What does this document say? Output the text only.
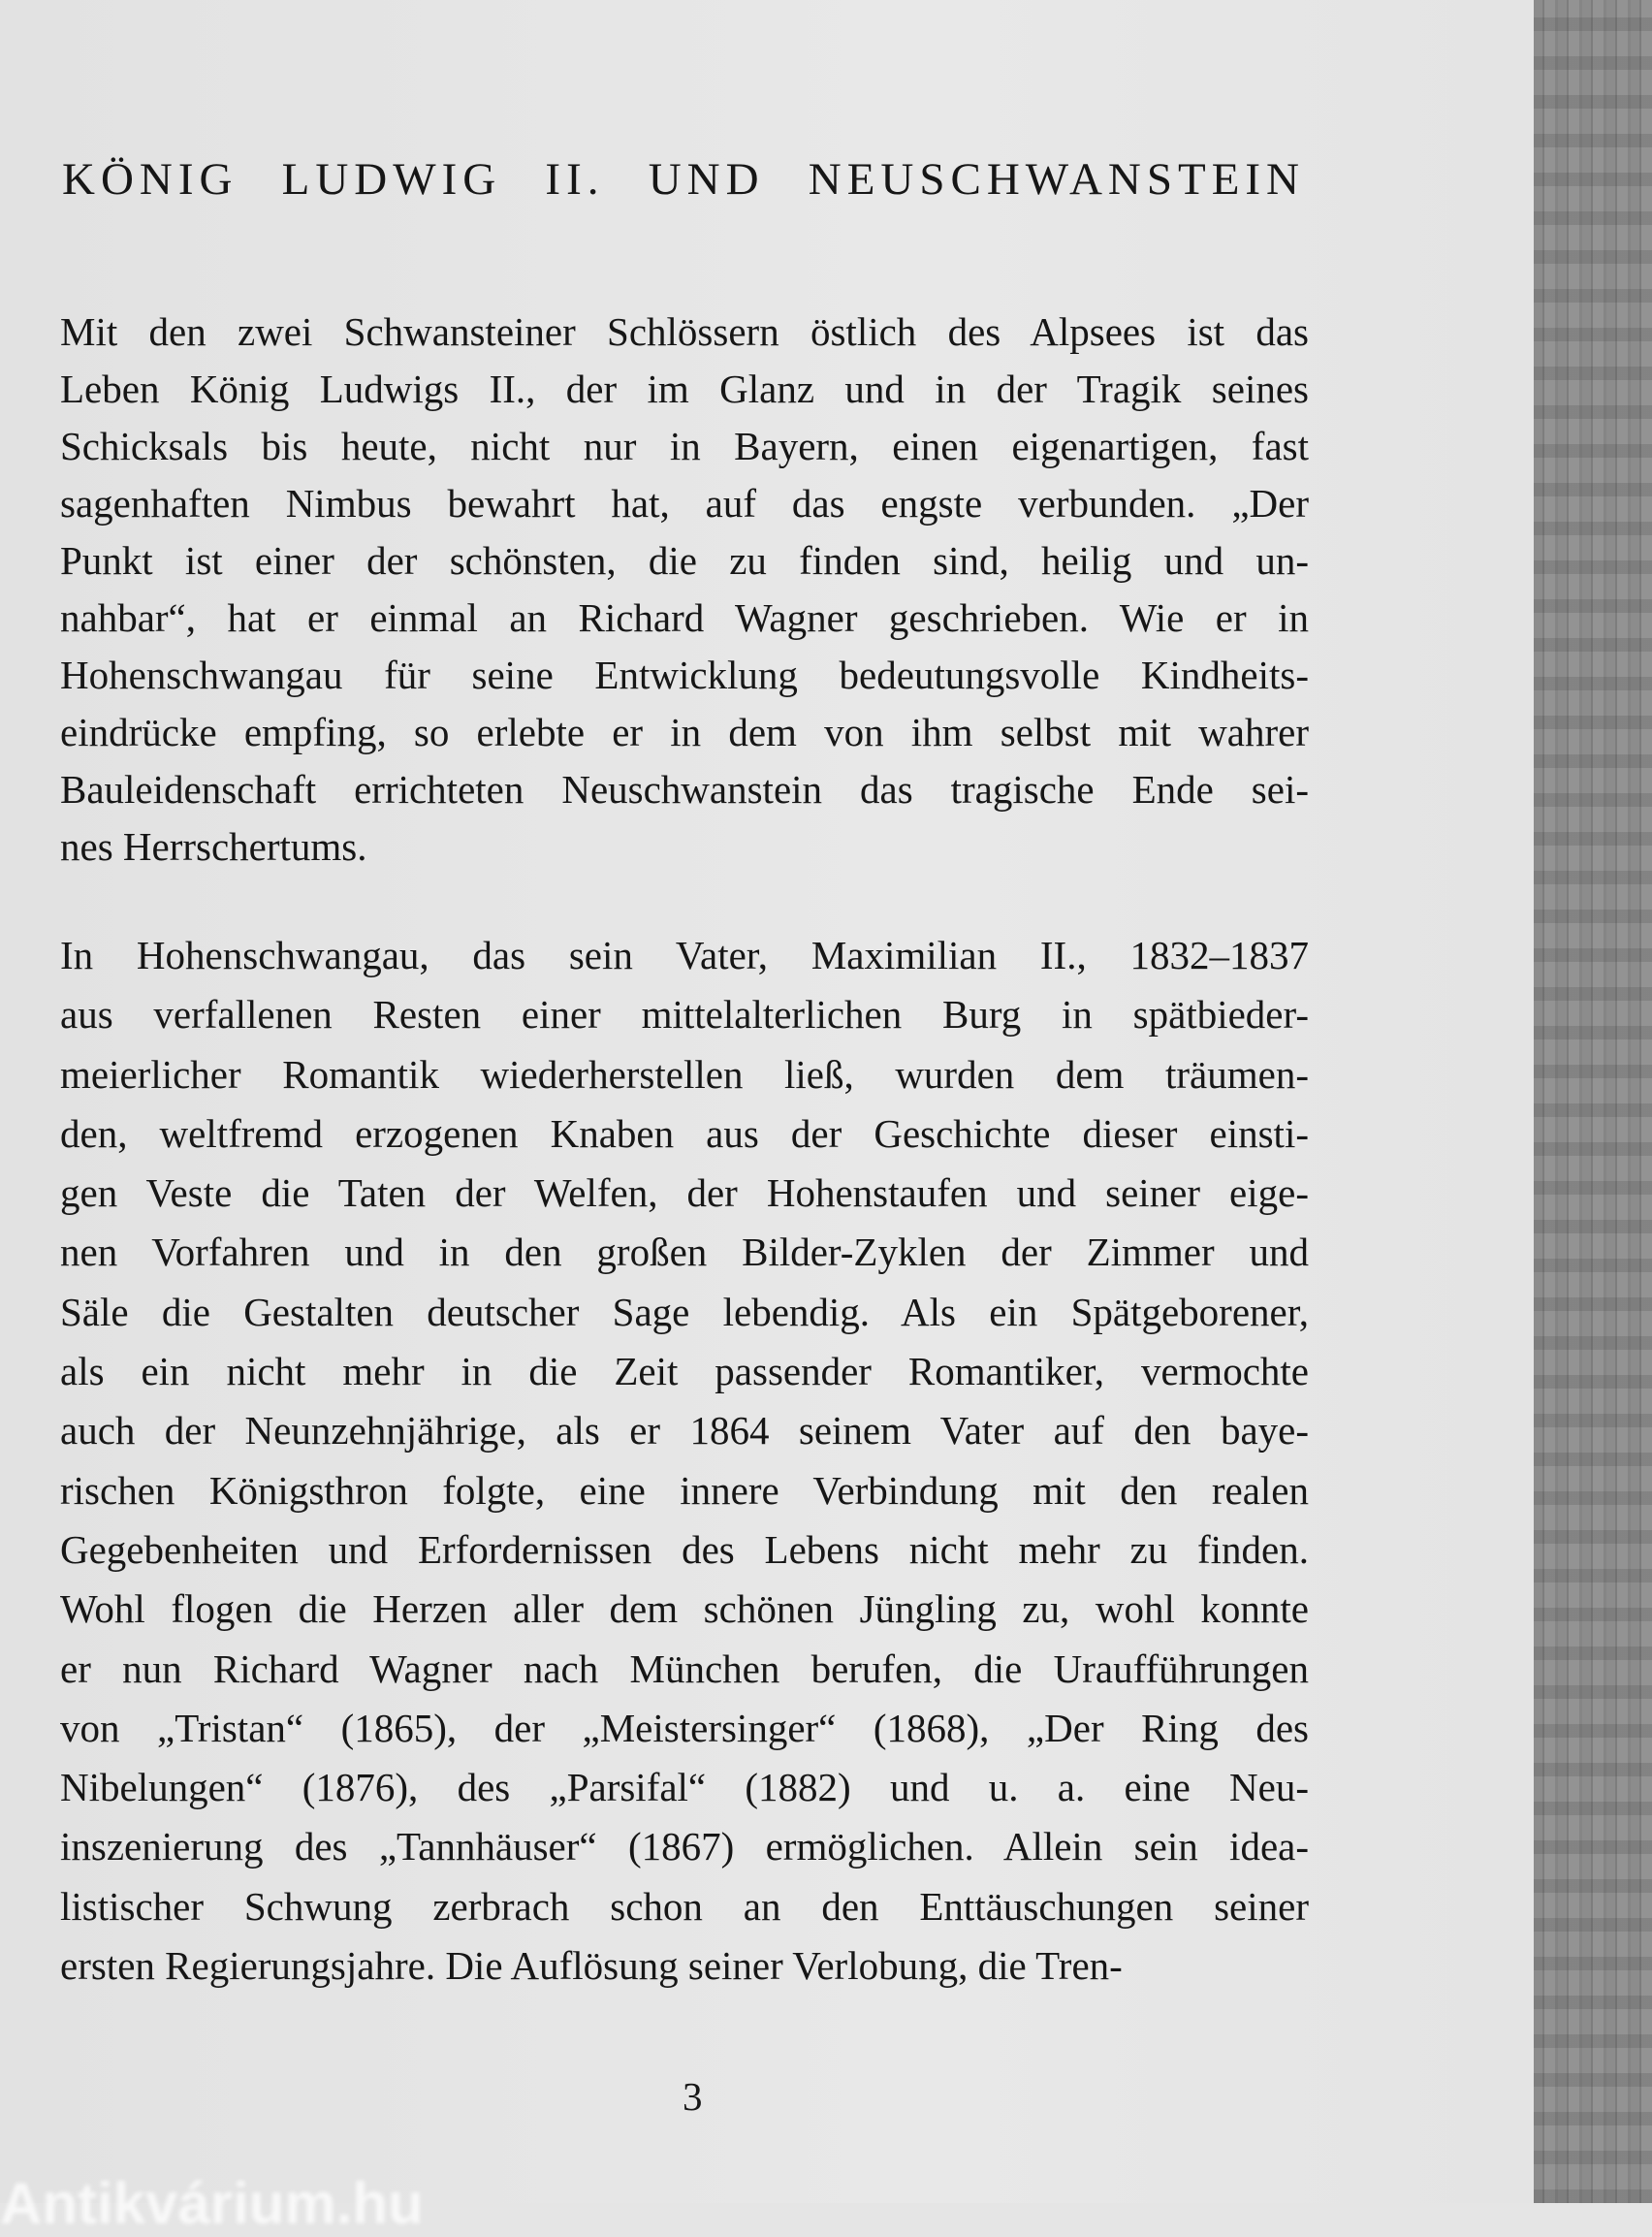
KÖNIG LUDWIG II. UND NEUSCHWANSTEIN
Mit den zwei Schwansteiner Schlössern östlich des Alpsees ist das
Leben König Ludwigs II., der im Glanz und in der Tragik seines
Schicksals bis heute, nicht nur in Bayern, einen eigenartigen, fast
sagenhaften Nimbus bewahrt hat, auf das engste verbunden. „Der
Punkt ist einer der schönsten, die zu finden sind, heilig und un-
nahbar“, hat er einmal an Richard Wagner geschrieben. Wie er in
Hohenschwangau für seine Entwicklung bedeutungsvolle Kindheits-
eindrücke empfing, so erlebte er in dem von ihm selbst mit wahrer
Bauleidenschaft errichteten Neuschwanstein das tragische Ende sei-
nes Herrschertums.
In Hohenschwangau, das sein Vater, Maximilian II., 1832–1837
aus verfallenen Resten einer mittelalterlichen Burg in spätbieder-
meierlicher Romantik wiederherstellen ließ, wurden dem träumen-
den, weltfremd erzogenen Knaben aus der Geschichte dieser einsti-
gen Veste die Taten der Welfen, der Hohenstaufen und seiner eige-
nen Vorfahren und in den großen Bilder-Zyklen der Zimmer und
Säle die Gestalten deutscher Sage lebendig. Als ein Spätgeborener,
als ein nicht mehr in die Zeit passender Romantiker, vermochte
auch der Neunzehnjährige, als er 1864 seinem Vater auf den baye-
rischen Königsthron folgte, eine innere Verbindung mit den realen
Gegebenheiten und Erfordernissen des Lebens nicht mehr zu finden.
Wohl flogen die Herzen aller dem schönen Jüngling zu, wohl konnte
er nun Richard Wagner nach München berufen, die Uraufführungen
von „Tristan“ (1865), der „Meistersinger“ (1868), „Der Ring des
Nibelungen“ (1876), des „Parsifal“ (1882) und u. a. eine Neu-
inszenierung des „Tannhäuser“ (1867) ermöglichen. Allein sein idea-
listischer Schwung zerbrach schon an den Enttäuschungen seiner
ersten Regierungsjahre. Die Auflösung seiner Verlobung, die Tren-
3
Antikvárium.hu
